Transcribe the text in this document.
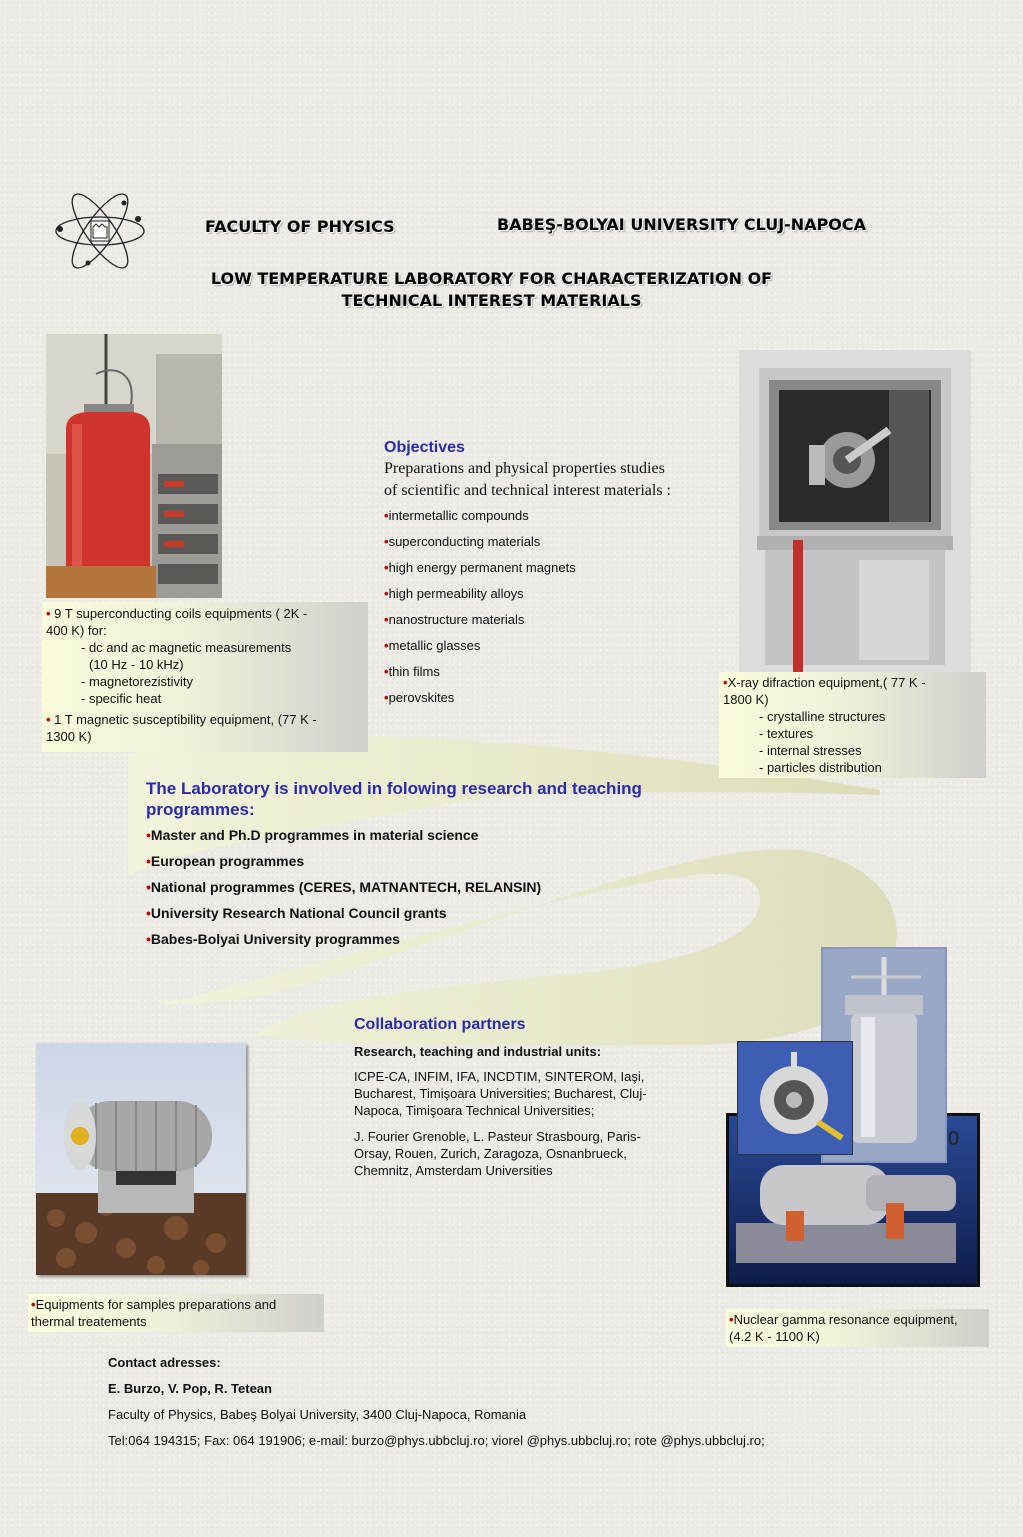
FACULTY OF PHYSICS	BABEŞ-BOLYAI UNIVERSITY CLUJ-NAPOCA
LOW TEMPERATURE LABORATORY FOR CHARACTERIZATION OF
TECHNICAL INTEREST MATERIALS
• 9 T superconducting coils equipments ( 2K -
400 K) for:
- dc and ac magnetic measurements
(10 Hz - 10 kHz)
- magnetorezistivity
- specific heat
• 1 T magnetic susceptibility equipment, (77 K -
1300 K)
Objectives
Preparations and physical properties studies
of scientific and technical interest materials :
•intermetallic compounds
•superconducting materials
•high energy permanent magnets
•high permeability alloys
•nanostructure materials
•metallic glasses
•thin films
•perovskites
•X-ray difraction equipment,( 77 K -
1800 K)
- crystalline structures
- textures
- internal stresses
- particles distribution
The Laboratory is involved in folowing research and teaching
programmes:
•Master and Ph.D programmes in material science
•European programmes
•National programmes (CERES, MATNANTECH, RELANSIN)
•University Research National Council grants
•Babes-Bolyai University programmes
Collaboration partners
Research, teaching and industrial units:
ICPE-CA, INFIM, IFA, INCDTIM, SINTEROM, Iaşi,
Bucharest, Timişoara Universities; Bucharest, Cluj-
Napoca, Timişoara Technical Universities;
J. Fourier Grenoble, L. Pasteur Strasbourg, Paris-
Orsay, Rouen, Zurich, Zaragoza, Osnanbrueck,
Chemnitz, Amsterdam Universities
•Equipments for samples preparations and
thermal treatements
0
•Nuclear gamma resonance equipment,
(4.2 K - 1100 K)
Contact adresses:
E. Burzo, V. Pop, R. Tetean
Faculty of Physics, Babeş Bolyai University, 3400 Cluj-Napoca, Romania
Tel:064 194315; Fax: 064 191906; e-mail: burzo@phys.ubbcluj.ro; viorel @phys.ubbcluj.ro; rote @phys.ubbcluj.ro;
